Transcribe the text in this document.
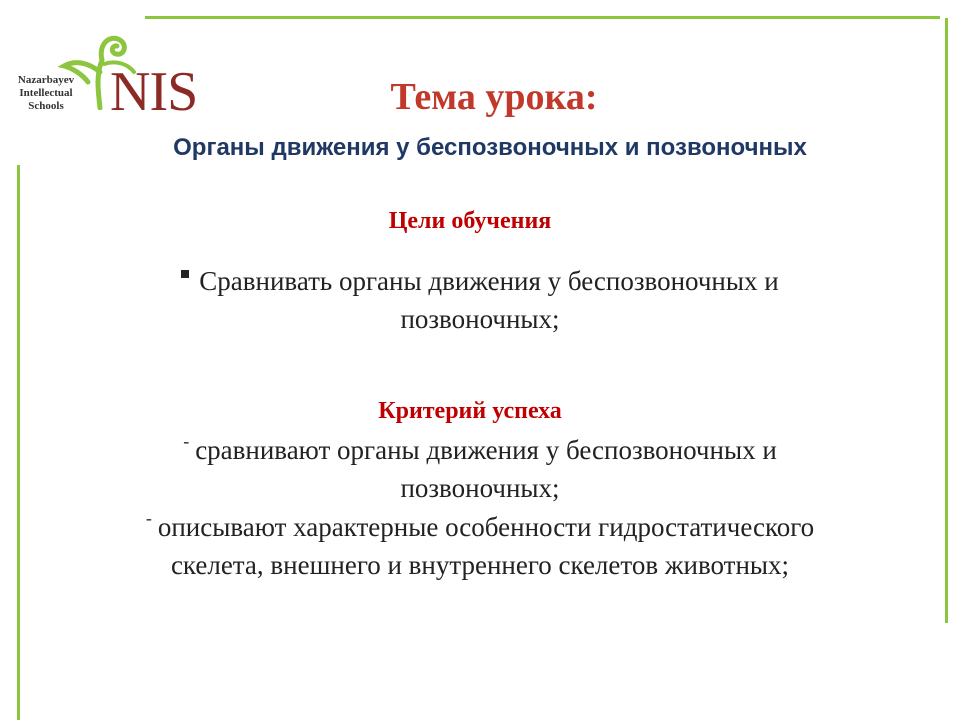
Nazarbayev
Intellectual
Schools NIS	Тема урока:
Органы движения у беспозвоночных и позвоночных
Цели обучения
Сравнивать органы движения у беспозвоночных и
позвоночных;
Критерий успеха
- сравнивают органы движения у беспозвоночных и
позвоночных;
- описывают характерные особенности гидростатического
скелета, внешнего и внутреннего скелетов животных;
